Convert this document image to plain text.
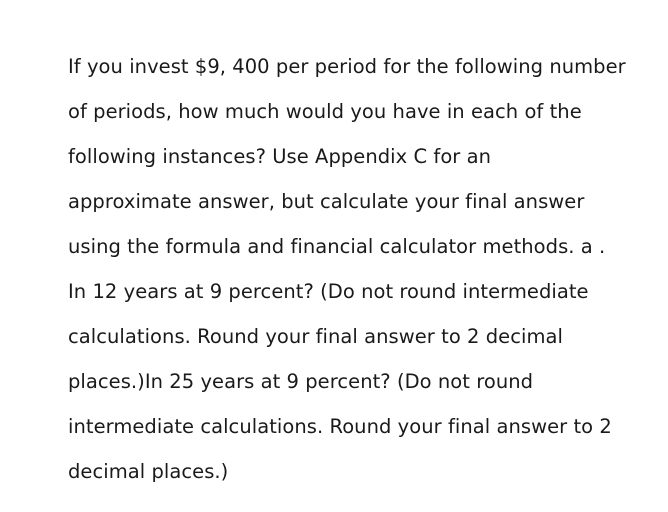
If you invest $9, 400 per period for the following number
of periods, how much would you have in each of the
following instances? Use Appendix C for an
approximate answer, but calculate your final answer
using the formula and financial calculator methods. a .
In 12 years at 9 percent? (Do not round intermediate
calculations. Round your final answer to 2 decimal
places.)In 25 years at 9 percent? (Do not round
intermediate calculations. Round your final answer to 2
decimal places.)
